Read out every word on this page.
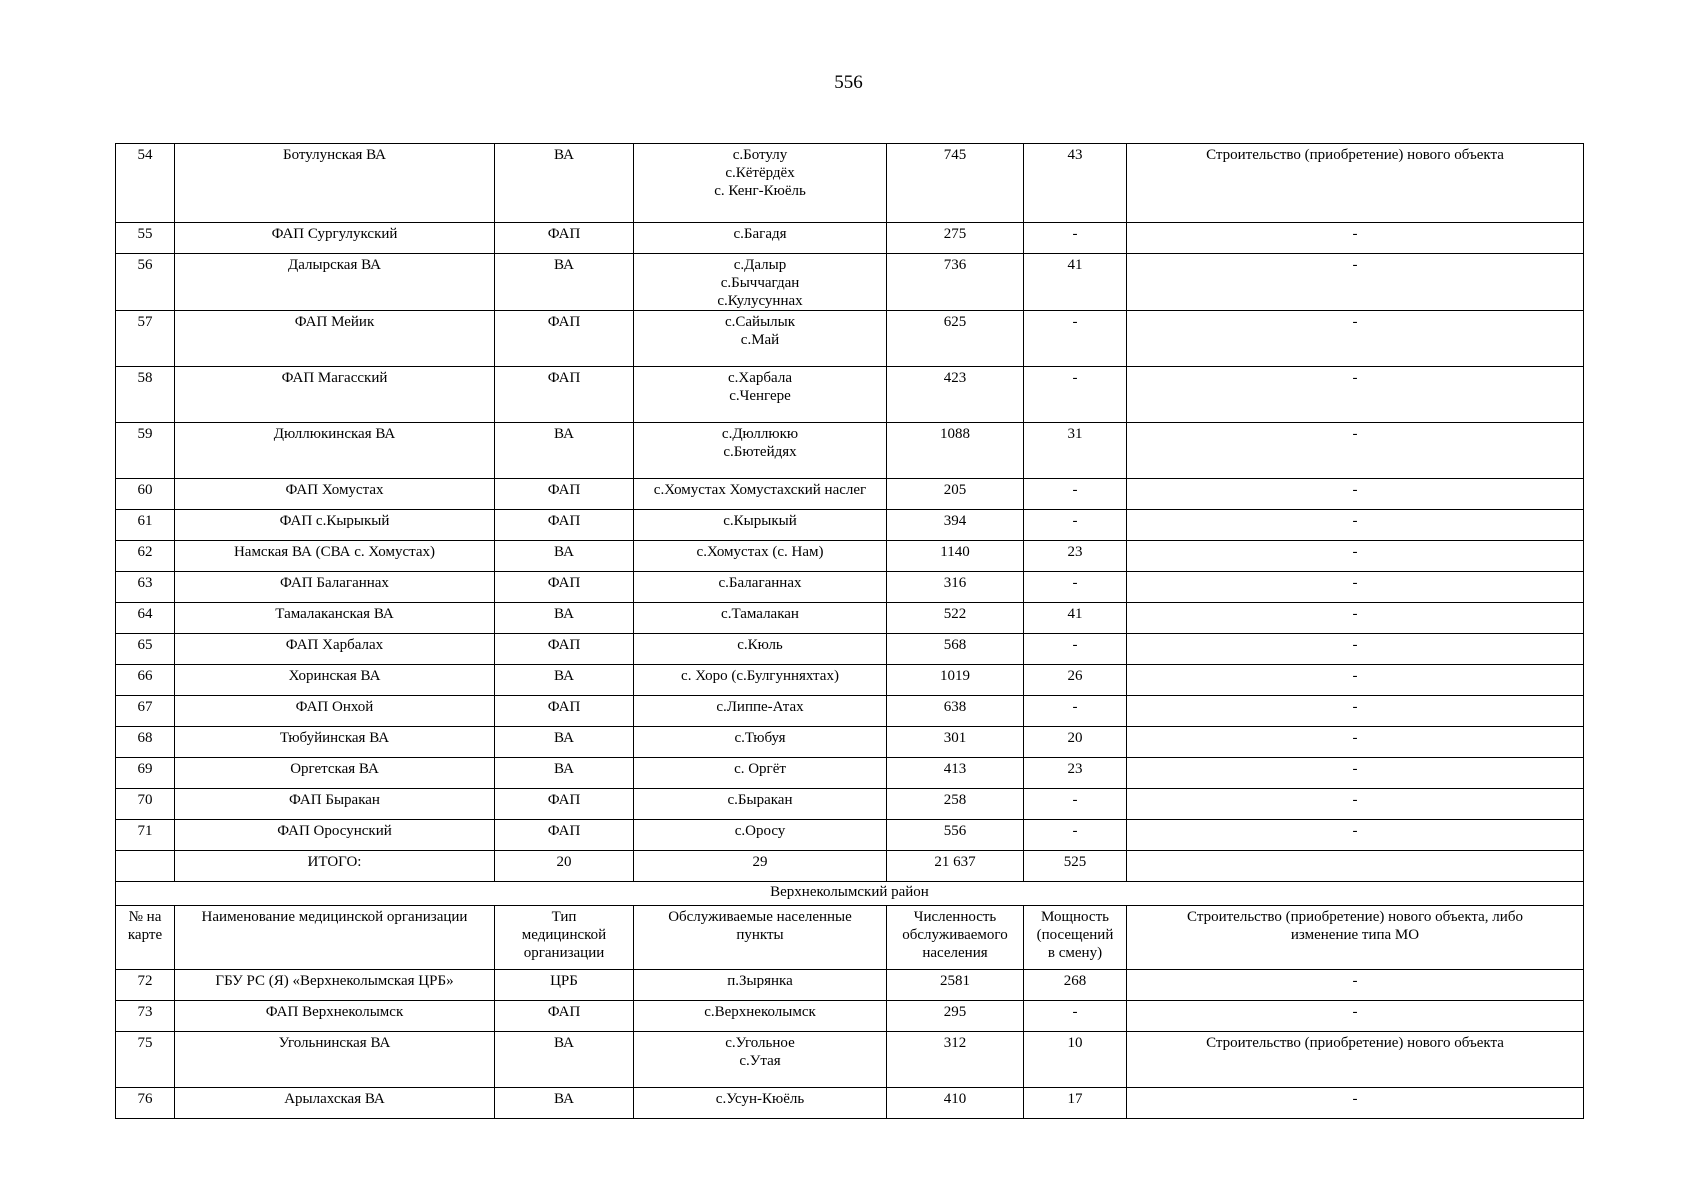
556
54	Ботулунская ВА	ВА	с.Ботулу
с.Кётёрдёх
с. Кенг-Кюёль	745	43	Строительство (приобретение) нового объекта
55	ФАП Сургулукский	ФАП	с.Багадя	275	-	-
56	Далырская ВА	ВА	с.Далыр
с.Быччагдан
с.Кулусуннах	736	41	-
57	ФАП Мейик	ФАП	с.Сайылык
с.Май	625	-	-
58	ФАП Магасский	ФАП	с.Харбала
с.Ченгере	423	-	-
59	Дюллюкинская ВА	ВА	с.Дюллюкю
с.Бютейдях	1088	31	-
60	ФАП Хомустах	ФАП	с.Хомустах Хомустахский наслег	205	-	-
61	ФАП с.Кырыкый	ФАП	с.Кырыкый	394	-	-
62	Намская ВА (СВА с. Хомустах)	ВА	с.Хомустах (с. Нам)	1140	23	-
63	ФАП Балаганнах	ФАП	с.Балаганнах	316	-	-
64	Тамалаканская ВА	ВА	с.Тамалакан	522	41	-
65	ФАП Харбалах	ФАП	с.Кюль	568	-	-
66	Хоринская ВА	ВА	с. Хоро (с.Булгунняхтах)	1019	26	-
67	ФАП Онхой	ФАП	с.Липпе-Атах	638	-	-
68	Тюбуйинская ВА	ВА	с.Тюбуя	301	20	-
69	Оргетская ВА	ВА	с. Оргёт	413	23	-
70	ФАП Быракан	ФАП	с.Быракан	258	-	-
71	ФАП Оросунский	ФАП	с.Оросу	556	-	-
	ИТОГО:	20	29	21 637	525	
Верхнеколымский район						

№ на
карте	Наименование медицинской организации	Тип
медицинской
организации	Обслуживаемые населенные
пункты	Численность
обслуживаемого
населения	Мощность
(посещений
в смену)	Строительство (приобретение) нового объекта, либо
изменение типа МО

72	ГБУ РС (Я) «Верхнеколымская ЦРБ»	ЦРБ	п.Зырянка	2581	268	-
73	ФАП Верхнеколымск	ФАП	с.Верхнеколымск	295	-	-
75	Угольнинская ВА	ВА	с.Угольное
с.Утая	312	10	Строительство (приобретение) нового объекта
76	Арылахская ВА	ВА	с.Усун-Кюёль	410	17	-
